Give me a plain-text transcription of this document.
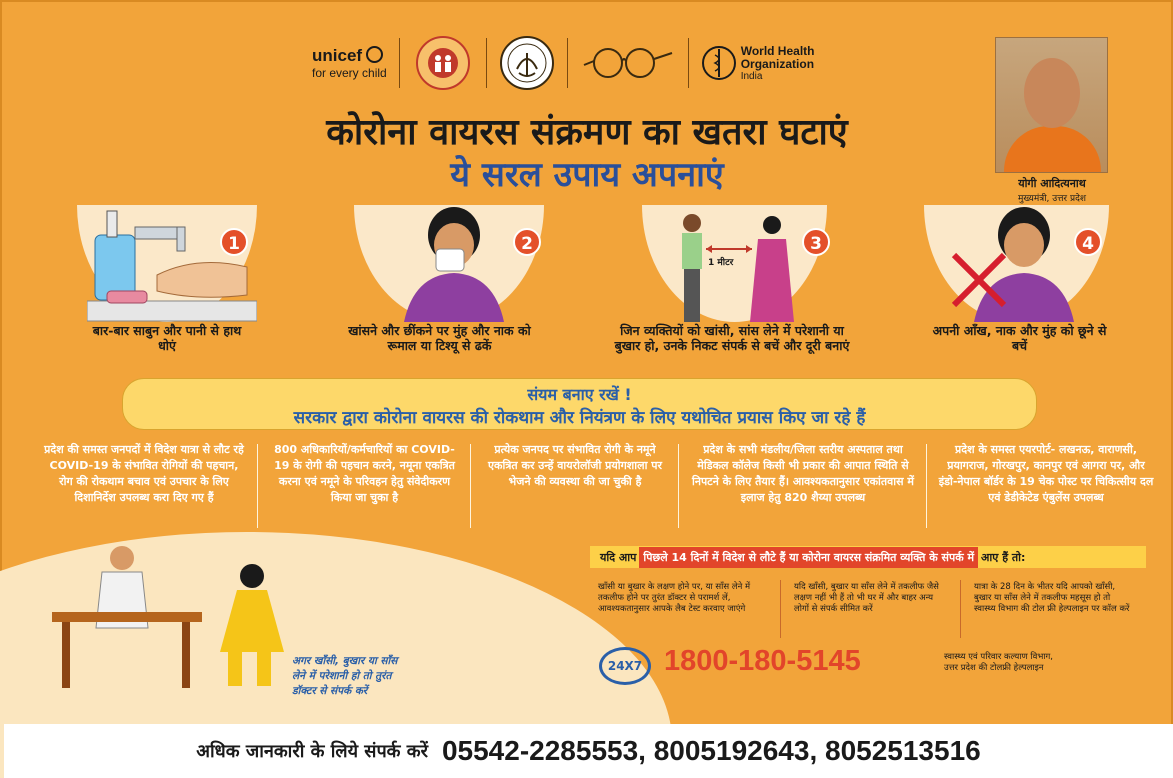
unicef
for every child
World Health
Organization
India
योगी आदित्यनाथ
मुख्यमंत्री, उत्तर प्रदेश
कोरोना वायरस संक्रमण का खतरा घटाएं
ये सरल उपाय अपनाएं
1
बार-बार साबुन और पानी से हाथ धोएं
2
खांसने और छींकने पर मुंह और नाक को रूमाल या टिश्यू से ढकें
1 मीटर
3
जिन व्यक्तियों को खांसी, सांस लेने में परेशानी या बुखार हो, उनके निकट संपर्क से बचें और दूरी बनाएं
4
अपनी आँख, नाक और मुंह को छूने से बचें
संयम बनाए रखें !
सरकार द्वारा कोरोना वायरस की रोकथाम और नियंत्रण के लिए यथोचित प्रयास किए जा रहे हैं
प्रदेश की समस्त जनपदों में विदेश यात्रा से लौट रहे COVID-19 के संभावित रोगियों की पहचान, रोग की रोकथाम बचाव एवं उपचार के लिए दिशानिर्देश उपलब्ध करा दिए गए हैं
800 अधिकारियों/कर्मचारियों का COVID-19 के रोगी की पहचान करने, नमूना एकत्रित करना एवं नमूने के परिवहन हेतु संवेदीकरण किया जा चुका है
प्रत्येक जनपद पर संभावित रोगी के नमूने एकत्रित कर उन्हें वायरोलॉजी प्रयोगशाला पर भेजने की व्यवस्था की जा चुकी है
प्रदेश के सभी मंडलीय/जिला स्तरीय अस्पताल तथा मेडिकल कॉलेज किसी भी प्रकार की आपात स्थिति से निपटने के लिए तैयार हैं। आवश्यकतानुसार एकांतवास में इलाज हेतु 820 शैय्या उपलब्ध
प्रदेश के समस्त एयरपोर्ट- लखनऊ, वाराणसी, प्रयागराज, गोरखपुर, कानपुर एवं आगरा पर, और इंडो-नेपाल बॉर्डर के 19 चेक पोस्ट पर चिकित्सीय दल एवं डेडीकेटेड एंबुलेंस उपलब्ध
अगर खाँसी, बुखार या साँस
लेने में परेशानी हो तो तुरंत
डॉक्टर से संपर्क करें
यदि आप पिछले 14 दिनों में विदेश से लौटे हैं या कोरोना वायरस संक्रमित व्यक्ति के संपर्क में आए हैं तो:
खाँसी या बुखार के लक्षण होने पर, या साँस लेने में तकलीफ होने पर तुरंत डॉक्टर से परामर्श लें, आवश्यकतानुसार आपके लैब टेस्ट करवाए जाएंगे
यदि खाँसी, बुखार या साँस लेने में तकलीफ जैसे लक्षण नहीं भी हैं तो भी घर में और बाहर अन्य लोगों से संपर्क सीमित करें
यात्रा के 28 दिन के भीतर यदि आपको खाँसी, बुखार या साँस लेने में तकलीफ महसूस हो तो स्वास्थ्य विभाग की टोल फ्री हेल्पलाइन पर कॉल करें
24X7 1800-180-5145	स्वास्थ्य एवं परिवार कल्याण विभाग,
उत्तर प्रदेश की टोलफ्री हेल्पलाइन
अधिक जानकारी के लिये संपर्क करें 05542-2285553, 8005192643, 8052513516
